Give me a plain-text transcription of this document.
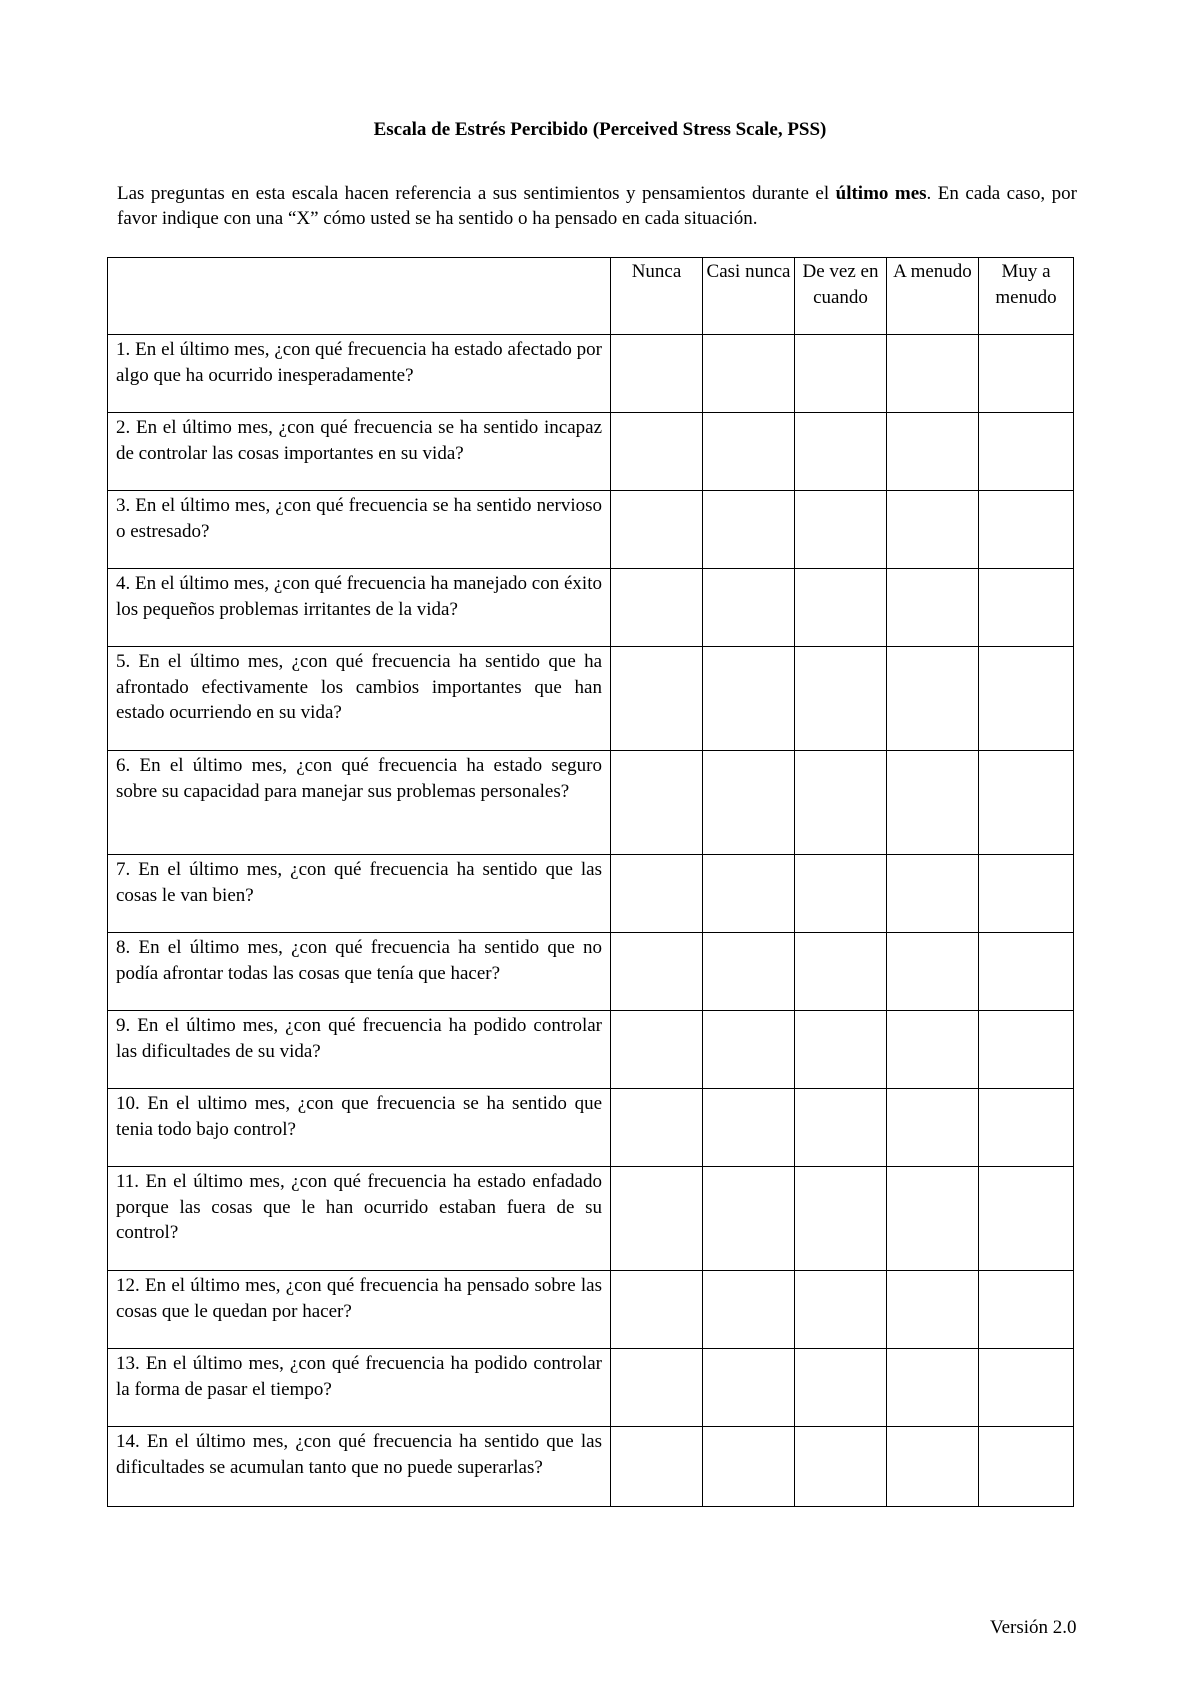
Escala de Estrés Percibido (Perceived Stress Scale, PSS)
Las preguntas en esta escala hacen referencia a sus sentimientos y pensamientos durante el último mes. En cada caso, por favor indique con una “X” cómo usted se ha sentido o ha pensado en cada situación.
	Nunca	Casi nunca	De vez en cuando	A menudo	Muy a menudo
1. En el último mes, ¿con qué frecuencia ha estado afectado por algo que ha ocurrido inesperadamente?					
2. En el último mes, ¿con qué frecuencia se ha sentido incapaz de controlar las cosas importantes en su vida?					
3. En el último mes, ¿con qué frecuencia se ha sentido nervioso o estresado?					
4. En el último mes, ¿con qué frecuencia ha manejado con éxito los pequeños problemas irritantes de la vida?					
5. En el último mes, ¿con qué frecuencia ha sentido que ha afrontado efectivamente los cambios importantes que han estado ocurriendo en su vida?					
6. En el último mes, ¿con qué frecuencia ha estado seguro sobre su capacidad para manejar sus problemas personales?					
7. En el último mes, ¿con qué frecuencia ha sentido que las cosas le van bien?					
8. En el último mes, ¿con qué frecuencia ha sentido que no podía afrontar todas las cosas que tenía que hacer?					
9. En el último mes, ¿con qué frecuencia ha podido controlar las dificultades de su vida?					
10. En el ultimo mes, ¿con que frecuencia se ha sentido que tenia todo bajo control?					
11. En el último mes, ¿con qué frecuencia ha estado enfadado porque las cosas que le han ocurrido estaban fuera de su control?					
12. En el último mes, ¿con qué frecuencia ha pensado sobre las cosas que le quedan por hacer?					
13. En el último mes, ¿con qué frecuencia ha podido controlar la forma de pasar el tiempo?					
14. En el último mes, ¿con qué frecuencia ha sentido que las dificultades se acumulan tanto que no puede superarlas?					
Versión 2.0
